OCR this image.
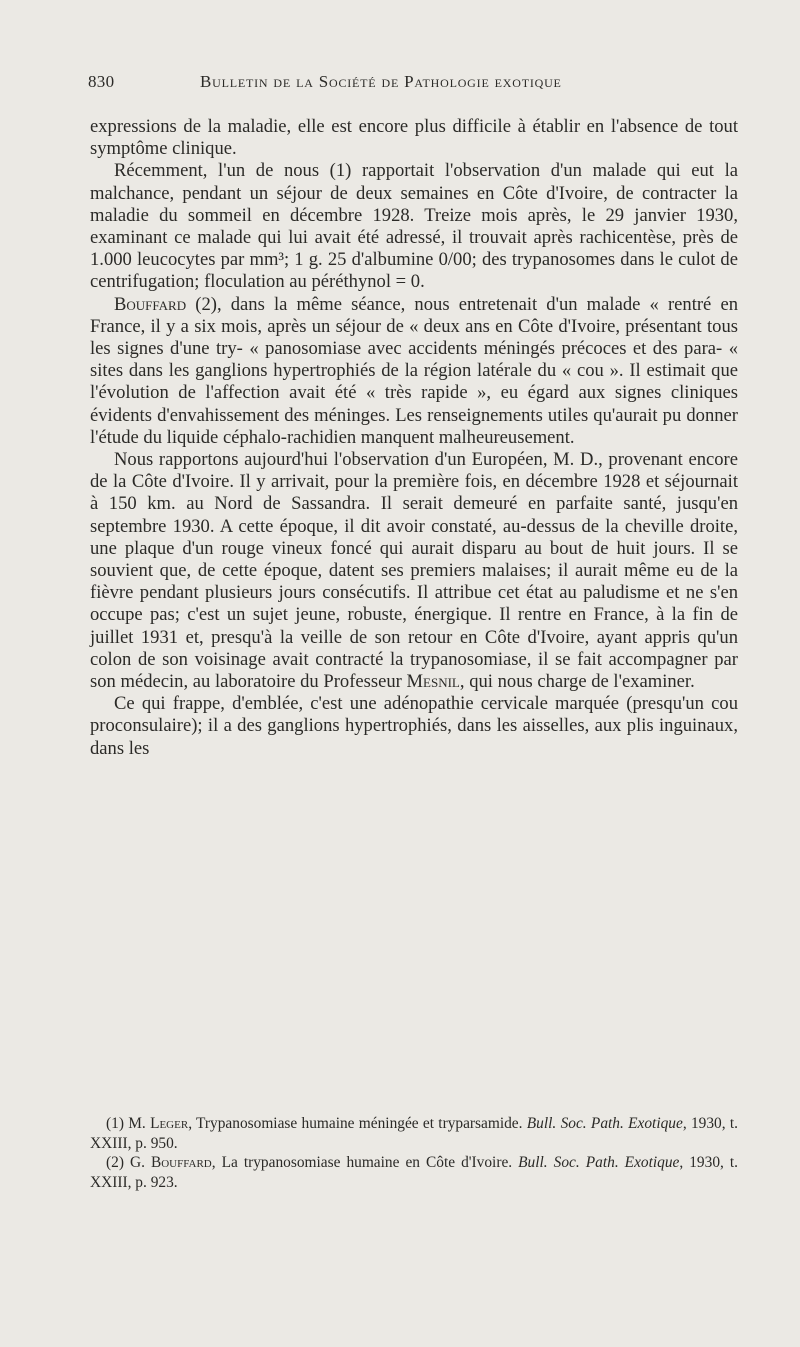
830	Bulletin de la Société de Pathologie exotique

expressions de la maladie, elle est encore plus difficile à établir en l'absence de tout symptôme clinique.

Récemment, l'un de nous (1) rapportait l'observation d'un malade qui eut la malchance, pendant un séjour de deux semaines en Côte d'Ivoire, de contracter la maladie du sommeil en décembre 1928. Treize mois après, le 29 janvier 1930, examinant ce malade qui lui avait été adressé, il trouvait après rachicentèse, près de 1.000 leucocytes par mm³; 1 g. 25 d'albumine 0/00; des trypanosomes dans le culot de centrifugation; floculation au péréthynol = 0.

Bouffard (2), dans la même séance, nous entretenait d'un malade « rentré en France, il y a six mois, après un séjour de « deux ans en Côte d'Ivoire, présentant tous les signes d'une try- « panosomiase avec accidents méningés précoces et des para- « sites dans les ganglions hypertrophiés de la région latérale du « cou ». Il estimait que l'évolution de l'affection avait été « très rapide », eu égard aux signes cliniques évidents d'envahissement des méninges. Les renseignements utiles qu'aurait pu donner l'étude du liquide céphalo-rachidien manquent malheureusement.

Nous rapportons aujourd'hui l'observation d'un Européen, M. D., provenant encore de la Côte d'Ivoire. Il y arrivait, pour la première fois, en décembre 1928 et séjournait à 150 km. au Nord de Sassandra. Il serait demeuré en parfaite santé, jusqu'en septembre 1930. A cette époque, il dit avoir constaté, au-dessus de la cheville droite, une plaque d'un rouge vineux foncé qui aurait disparu au bout de huit jours. Il se souvient que, de cette époque, datent ses premiers malaises; il aurait même eu de la fièvre pendant plusieurs jours consécutifs. Il attribue cet état au paludisme et ne s'en occupe pas; c'est un sujet jeune, robuste, énergique. Il rentre en France, à la fin de juillet 1931 et, presqu'à la veille de son retour en Côte d'Ivoire, ayant appris qu'un colon de son voisinage avait contracté la trypanosomiase, il se fait accompagner par son médecin, au laboratoire du Professeur Mesnil, qui nous charge de l'examiner.

Ce qui frappe, d'emblée, c'est une adénopathie cervicale marquée (presqu'un cou proconsulaire); il a des ganglions hypertrophiés, dans les aisselles, aux plis inguinaux, dans les

(1) M. Leger, Trypanosomiase humaine méningée et tryparsamide. Bull. Soc. Path. Exotique, 1930, t. XXIII, p. 950.

(2) G. Bouffard, La trypanosomiase humaine en Côte d'Ivoire. Bull. Soc. Path. Exotique, 1930, t. XXIII, p. 923.
